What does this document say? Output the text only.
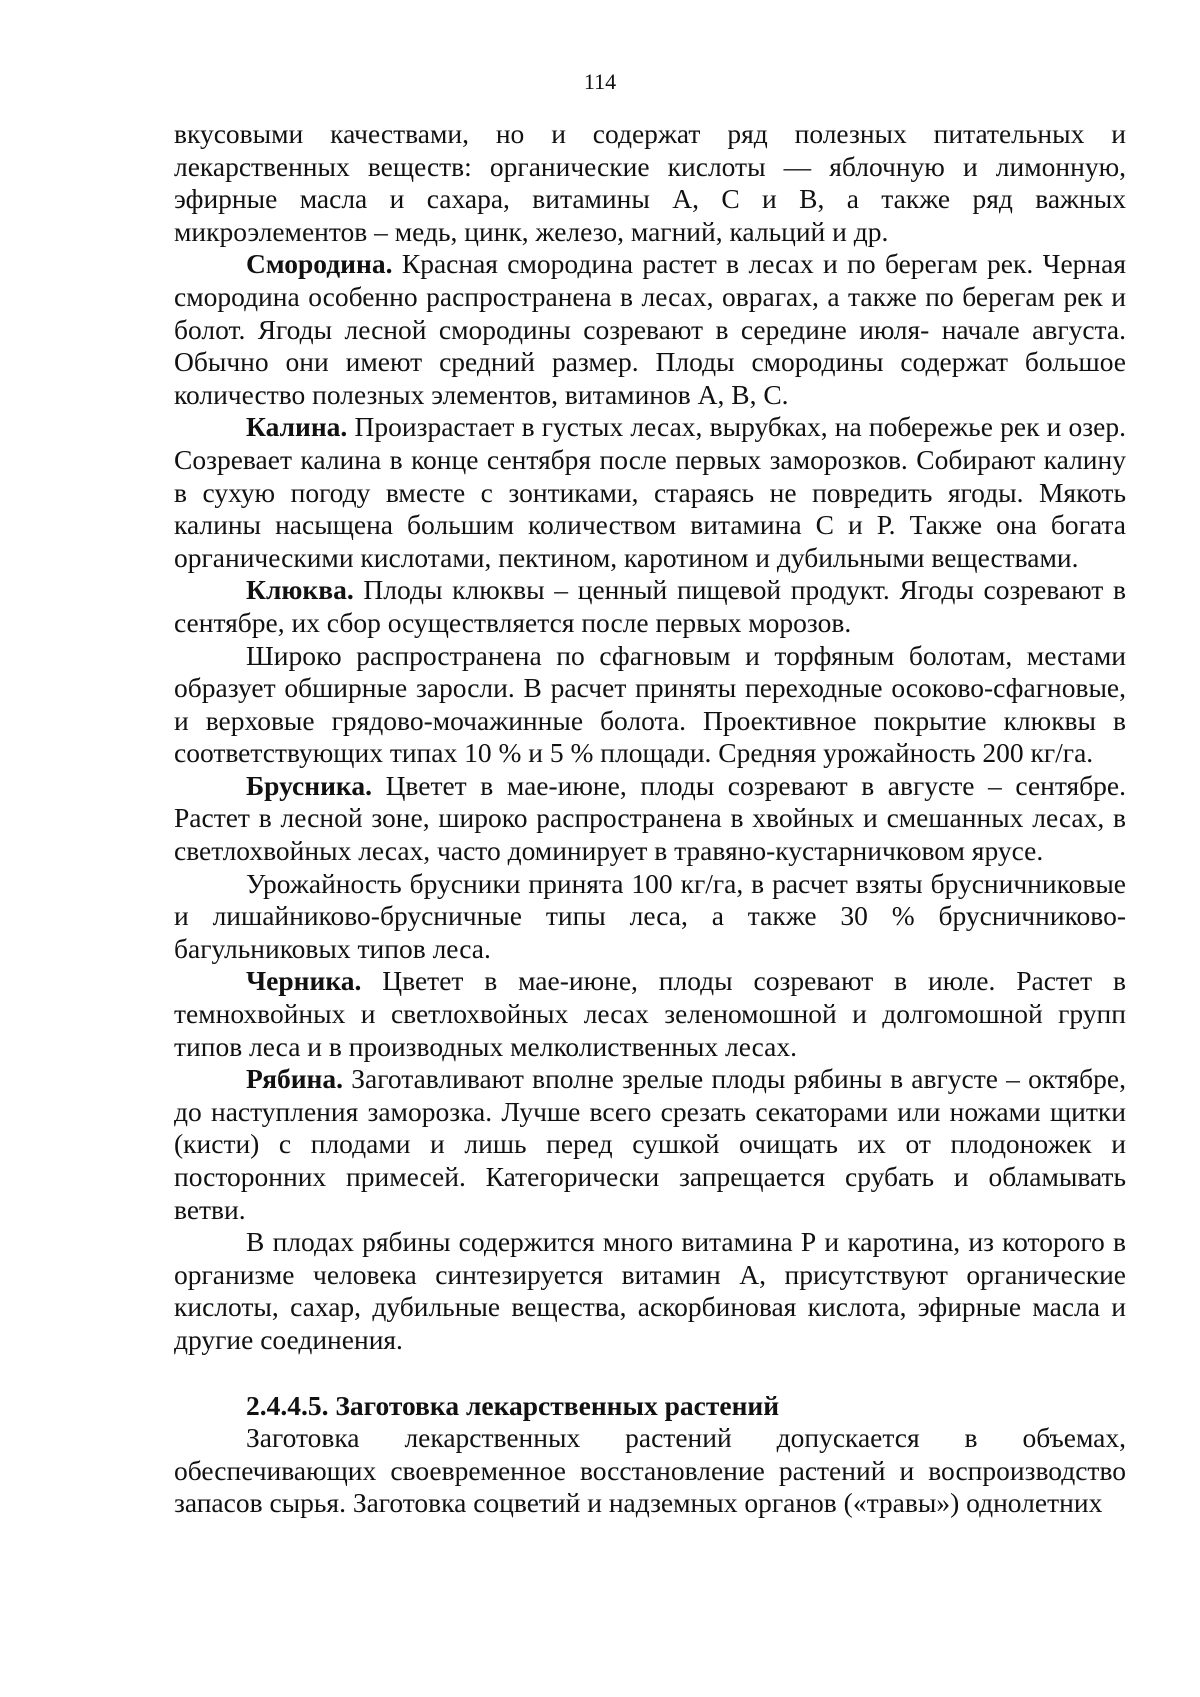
114

вкусовыми качествами, но и содержат ряд полезных питательных и лекарственных веществ: органические кислоты — яблочную и лимонную, эфирные масла и сахара, витамины А, С и В, а также ряд важных микроэлементов – медь, цинк, железо, магний, кальций и др.

Смородина. Красная смородина растет в лесах и по берегам рек. Черная смородина особенно распространена в лесах, оврагах, а также по берегам рек и болот. Ягоды лесной смородины созревают в середине июля- начале августа. Обычно они имеют средний размер. Плоды смородины содержат большое количество полезных элементов, витаминов А, В, С.

Калина. Произрастает в густых лесах, вырубках, на побережье рек и озер. Созревает калина в конце сентября после первых заморозков. Собирают калину в сухую погоду вместе с зонтиками, стараясь не повредить ягоды. Мякоть калины насыщена большим количеством витамина С и Р. Также она богата органическими кислотами, пектином, каротином и дубильными веществами.

Клюква. Плоды клюквы – ценный пищевой продукт. Ягоды созревают в сентябре, их сбор осуществляется после первых морозов.

Широко распространена по сфагновым и торфяным болотам, местами образует обширные заросли. В расчет приняты переходные осоково-сфагновые, и верховые грядово-мочажинные болота. Проективное покрытие клюквы в соответствующих типах 10 % и 5 % площади. Средняя урожайность 200 кг/га.

Брусника. Цветет в мае-июне, плоды созревают в августе – сентябре. Растет в лесной зоне, широко распространена в хвойных и смешанных лесах, в светлохвойных лесах, часто доминирует в травяно-кустарничковом ярусе.

Урожайность брусники принята 100 кг/га, в расчет взяты брусничниковые и лишайниково-брусничные типы леса, а также 30 % брусничниково-багульниковых типов леса.

Черника. Цветет в мае-июне, плоды созревают в июле. Растет в темнохвойных и светлохвойных лесах зеленомошной и долгомошной групп типов леса и в производных мелколиственных лесах.

Рябина. Заготавливают вполне зрелые плоды рябины в августе – октябре, до наступления заморозка. Лучше всего срезать секаторами или ножами щитки (кисти) с плодами и лишь перед сушкой очищать их от плодоножек и посторонних примесей. Категорически запрещается срубать и обламывать ветви.

В плодах рябины содержится много витамина Р и каротина, из которого в организме человека синтезируется витамин А, присутствуют органические кислоты, сахар, дубильные вещества, аскорбиновая кислота, эфирные масла и другие соединения.

2.4.4.5. Заготовка лекарственных растений

Заготовка лекарственных растений допускается в объемах, обеспечивающих своевременное восстановление растений и воспроизводство запасов сырья. Заготовка соцветий и надземных органов («травы») однолетних
